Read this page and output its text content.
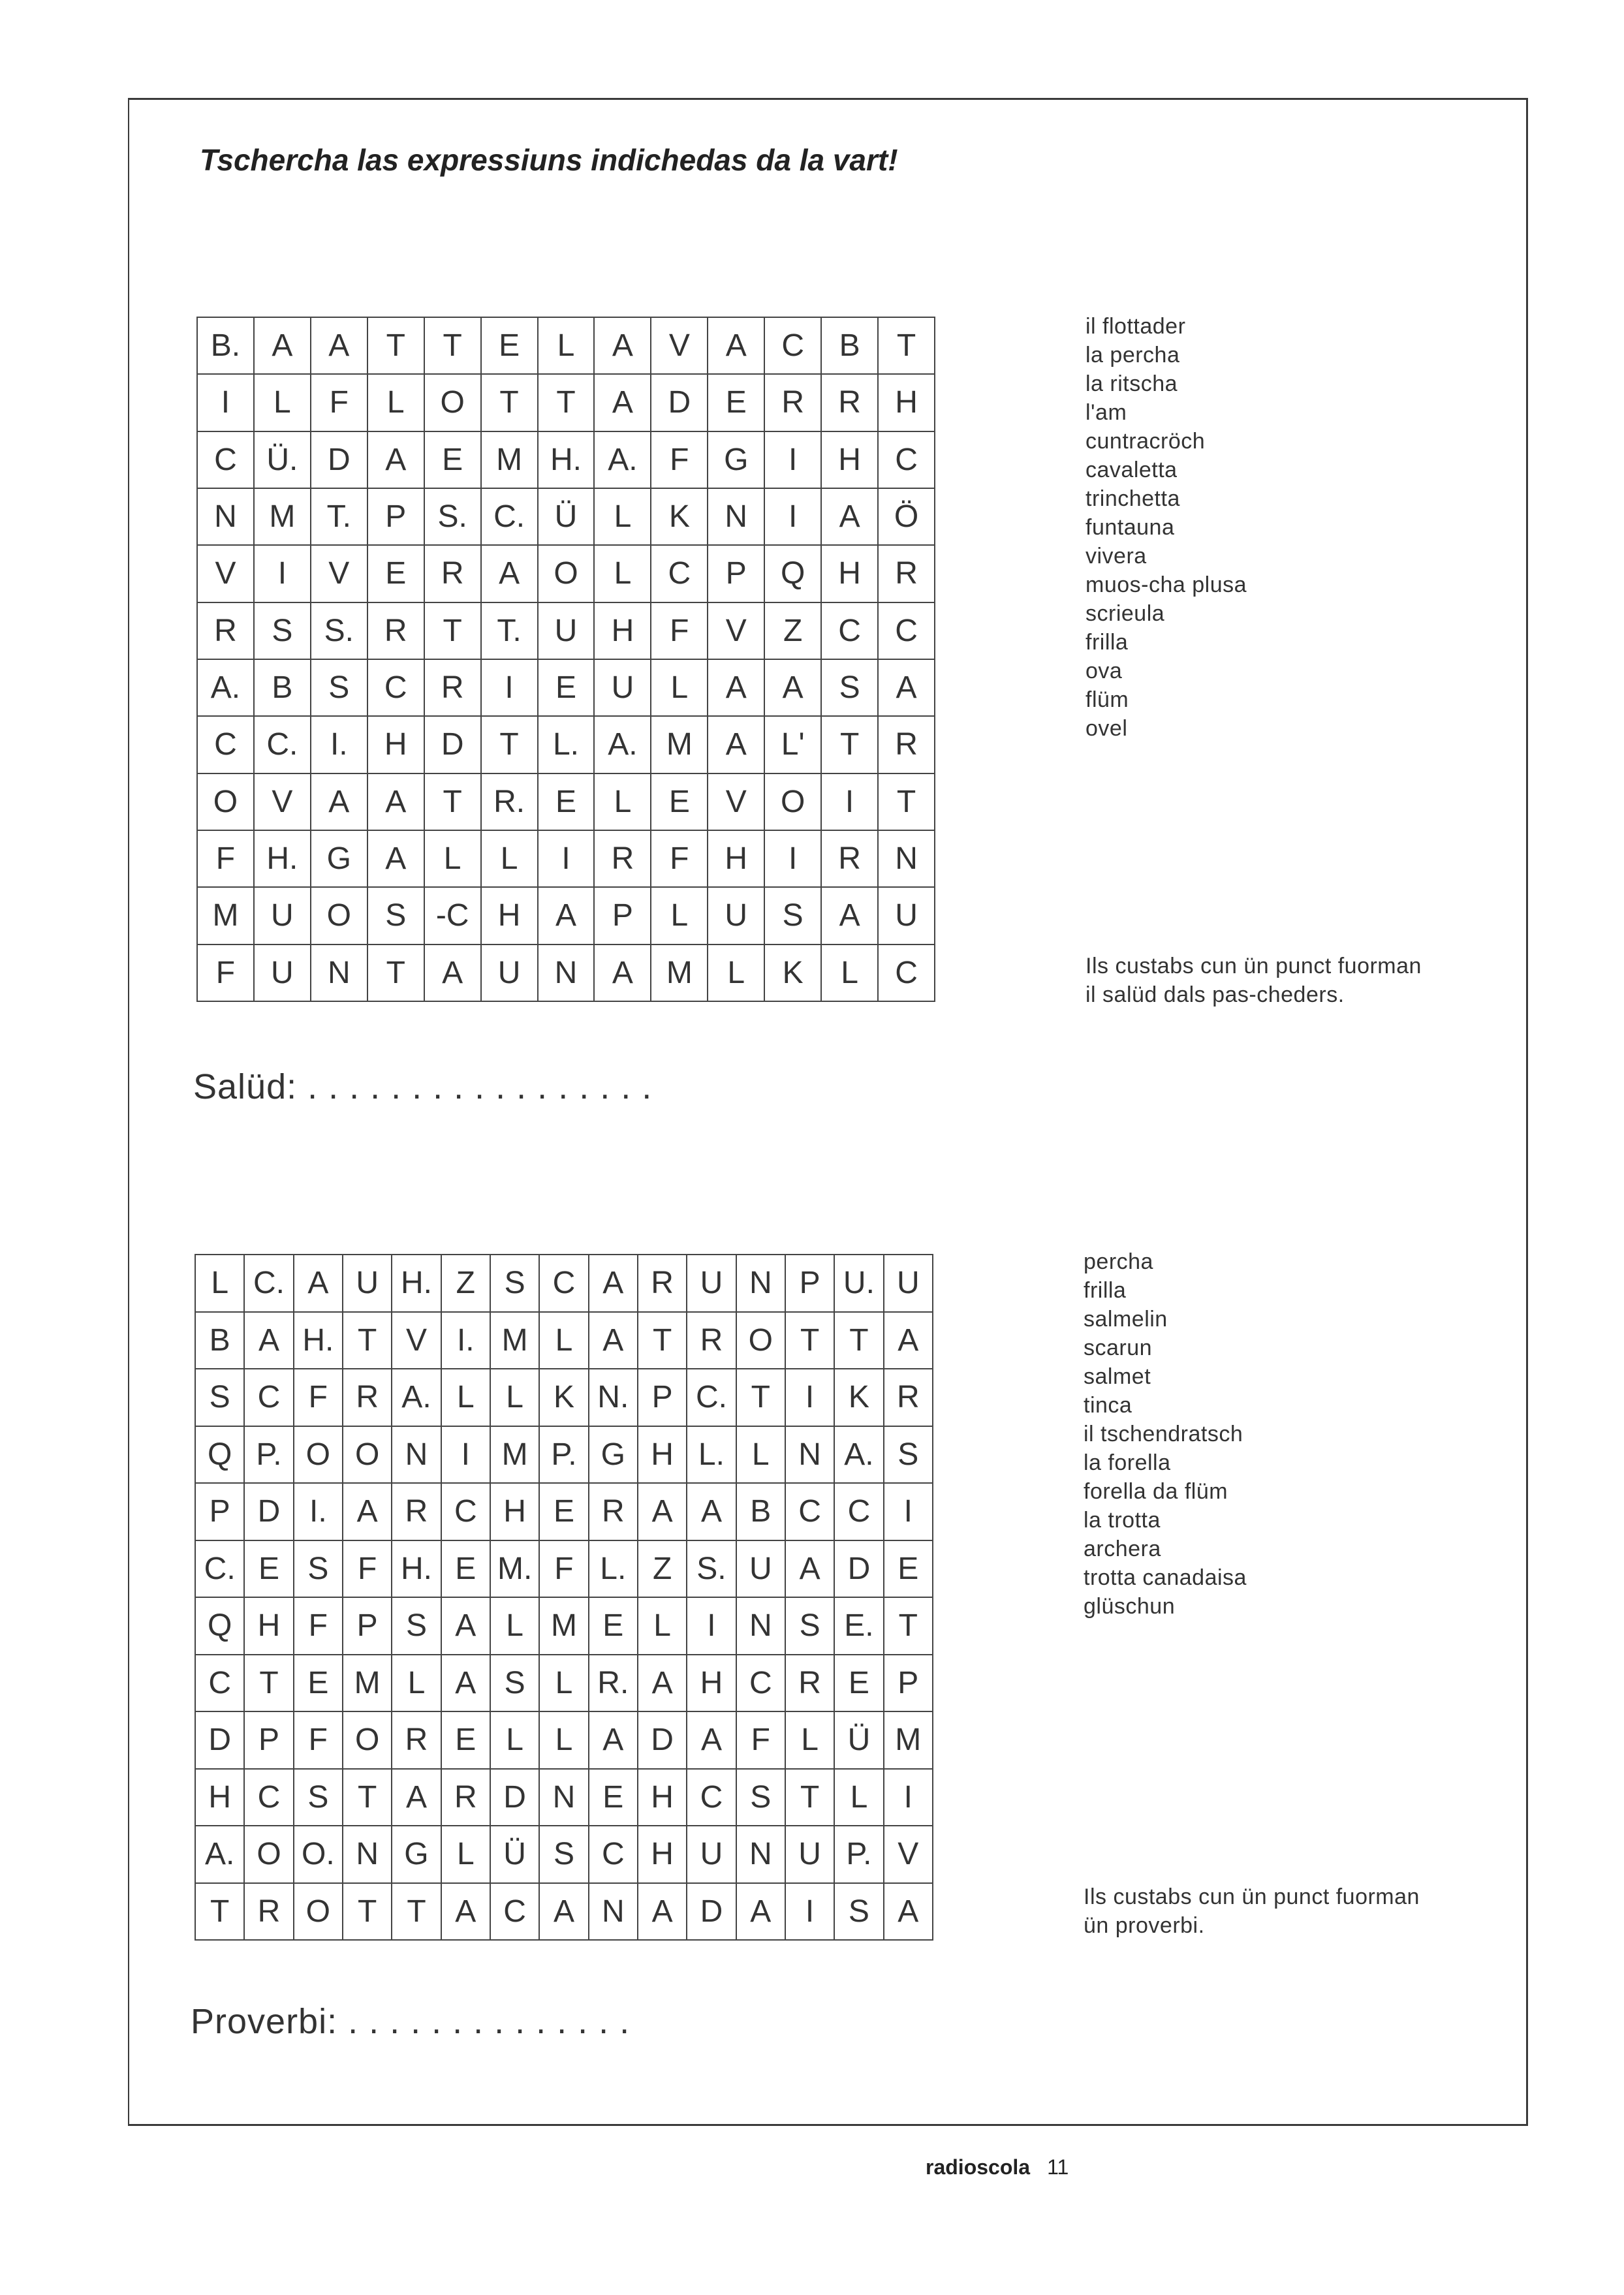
Tschercha las expressiuns indichedas da la vart!
B.	A	A	T	T	E	L	A	V	A	C	B	T
I	L	F	L	O	T	T	A	D	E	R	R	H
C	Ü.	D	A	E	M	H.	A.	F	G	I	H	C
N	M	T.	P	S.	C.	Ü	L	K	N	I	A	Ö
V	I	V	E	R	A	O	L	C	P	Q	H	R
R	S	S.	R	T	T.	U	H	F	V	Z	C	C
A.	B	S	C	R	I	E	U	L	A	A	S	A
C	C.	I.	H	D	T	L.	A.	M	A	L'	T	R
O	V	A	A	T	R.	E	L	E	V	O	I	T
F	H.	G	A	L	L	I	R	F	H	I	R	N
M	U	O	S	-C	H	A	P	L	U	S	A	U
F	U	N	T	A	U	N	A	M	L	K	L	C
il flottader
la percha
la ritscha
l'am
cuntracröch
cavaletta
trinchetta
funtauna
vivera
muos-cha plusa
scrieula
frilla
ova
flüm
ovel
Ils custabs cun ün punct fuorman
il salüd dals pas-cheders.
Salüd: . . . . . . . . . . . . . . . . .
L	C.	A	U	H.	Z	S	C	A	R	U	N	P	U.	U
B	A	H.	T	V	I.	M	L	A	T	R	O	T	T	A
S	C	F	R	A.	L	L	K	N.	P	C.	T	I	K	R
Q	P.	O	O	N	I	M	P.	G	H	L.	L	N	A.	S
P	D	I.	A	R	C	H	E	R	A	A	B	C	C	I
C.	E	S	F	H.	E	M.	F	L.	Z	S.	U	A	D	E
Q	H	F	P	S	A	L	M	E	L	I	N	S	E.	T
C	T	E	M	L	A	S	L	R.	A	H	C	R	E	P
D	P	F	O	R	E	L	L	A	D	A	F	L	Ü	M
H	C	S	T	A	R	D	N	E	H	C	S	T	L	I
A.	O	O.	N	G	L	Ü	S	C	H	U	N	U	P.	V
T	R	O	T	T	A	C	A	N	A	D	A	I	S	A
percha
frilla
salmelin
scarun
salmet
tinca
il tschendratsch
la forella
forella da flüm
la trotta
archera
trotta canadaisa
glüschun
Ils custabs cun ün punct fuorman
ün proverbi.
Proverbi: . . . . . . . . . . . . . .
radioscola 11
